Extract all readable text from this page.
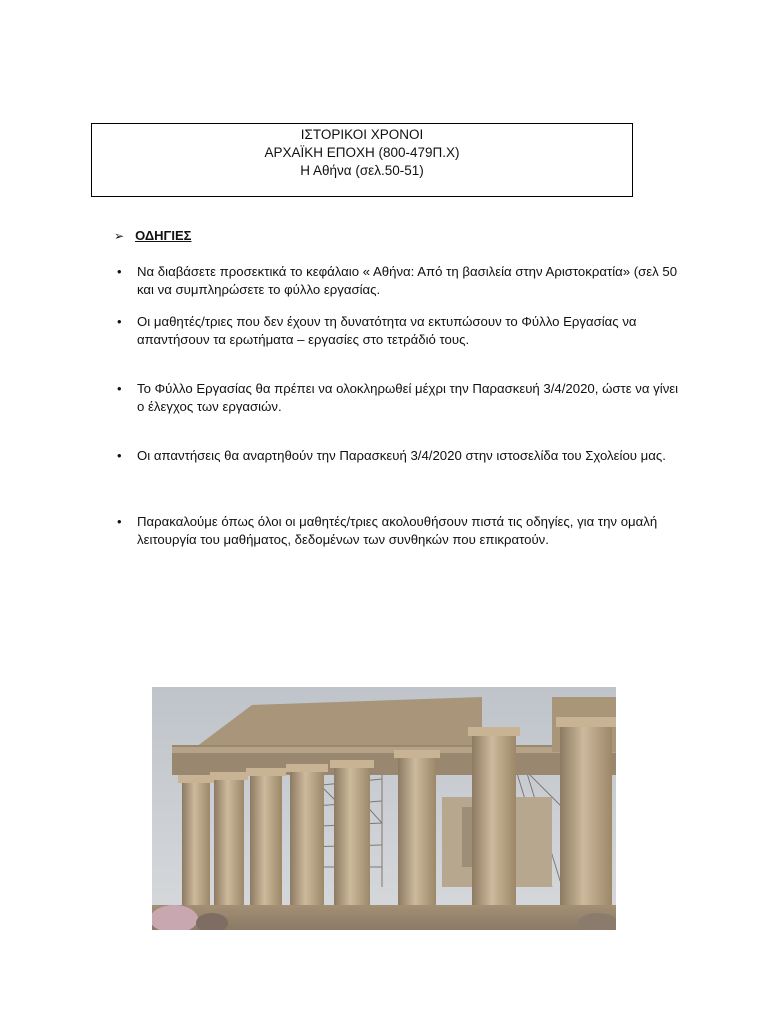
ΙΣΤΟΡΙΚΟΙ ΧΡΟΝΟΙ
ΑΡΧΑΪΚΗ ΕΠΟΧΗ (800-479Π.Χ)
Η Αθήνα (σελ.50-51)
➢ ΟΔΗΓΙΕΣ
•	Να διαβάσετε προσεκτικά το κεφάλαιο « Αθήνα: Από τη βασιλεία στην Αριστοκρατία» (σελ 50 και να συμπληρώσετε το φύλλο εργασίας.
•	Οι μαθητές/τριες που δεν έχουν τη δυνατότητα να εκτυπώσουν το Φύλλο Εργασίας να απαντήσουν τα ερωτήματα – εργασίες στο τετράδιό τους.
•	Το Φύλλο Εργασίας θα πρέπει να ολοκληρωθεί μέχρι την Παρασκευή 3/4/2020, ώστε να γίνει ο έλεγχος των εργασιών.
•	Οι απαντήσεις θα αναρτηθούν την Παρασκευή 3/4/2020 στην ιστοσελίδα του Σχολείου μας.
•	Παρακαλούμε όπως όλοι οι μαθητές/τριες ακολουθήσουν πιστά τις οδηγίες, για την ομαλή λειτουργία του μαθήματος, δεδομένων των συνθηκών που επικρατούν.
